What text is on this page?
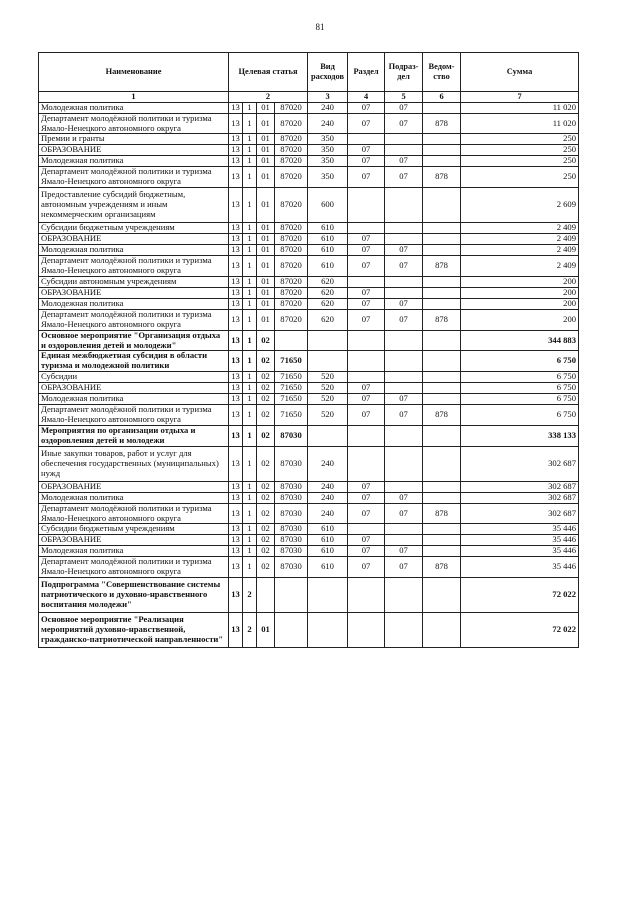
81
Наименование	Целевая статья				Вид расходов	Раздел	Подраз-дел	Ведом-ство	Сумма
1	2				3	4	5	6	7
Молодежная политика	13	1	01	87020	240	07	07		11 020
Департамент молодёжной политики и туризма Ямало-Ненецкого автономного округа	13	1	01	87020	240	07	07	878	11 020
Премии и гранты	13	1	01	87020	350				250
ОБРАЗОВАНИЕ	13	1	01	87020	350	07			250
Молодежная политика	13	1	01	87020	350	07	07		250
Департамент молодёжной политики и туризма Ямало-Ненецкого автономного округа	13	1	01	87020	350	07	07	878	250
Предоставление субсидий бюджетным, автономным учреждениям и иным некоммерческим организациям	13	1	01	87020	600				2 609
Субсидии бюджетным учреждениям	13	1	01	87020	610				2 409
ОБРАЗОВАНИЕ	13	1	01	87020	610	07			2 409
Молодежная политика	13	1	01	87020	610	07	07		2 409
Департамент молодёжной политики и туризма Ямало-Ненецкого автономного округа	13	1	01	87020	610	07	07	878	2 409
Субсидии автономным учреждениям	13	1	01	87020	620				200
ОБРАЗОВАНИЕ	13	1	01	87020	620	07			200
Молодежная политика	13	1	01	87020	620	07	07		200
Департамент молодёжной политики и туризма Ямало-Ненецкого автономного округа	13	1	01	87020	620	07	07	878	200
Основное мероприятие "Организация отдыха и оздоровления детей и молодежи"	13	1	02						344 883
Единая межбюджетная субсидия в области туризма и молодежной политики	13	1	02	71650					6 750
Субсидии	13	1	02	71650	520				6 750
ОБРАЗОВАНИЕ	13	1	02	71650	520	07			6 750
Молодежная политика	13	1	02	71650	520	07	07		6 750
Департамент молодёжной политики и туризма Ямало-Ненецкого автономного округа	13	1	02	71650	520	07	07	878	6 750
Мероприятия по организации отдыха и оздоровления детей и молодежи	13	1	02	87030					338 133
Иные закупки товаров, работ и услуг для обеспечения государственных (муниципальных) нужд	13	1	02	87030	240				302 687
ОБРАЗОВАНИЕ	13	1	02	87030	240	07			302 687
Молодежная политика	13	1	02	87030	240	07	07		302 687
Департамент молодёжной политики и туризма Ямало-Ненецкого автономного округа	13	1	02	87030	240	07	07	878	302 687
Субсидии бюджетным учреждениям	13	1	02	87030	610				35 446
ОБРАЗОВАНИЕ	13	1	02	87030	610	07			35 446
Молодежная политика	13	1	02	87030	610	07	07		35 446
Департамент молодёжной политики и туризма Ямало-Ненецкого автономного округа	13	1	02	87030	610	07	07	878	35 446
Подпрограмма "Совершенствование системы патриотического и духовно-нравственного воспитания молодежи"	13	2							72 022
Основное мероприятие "Реализация мероприятий духовно-нравственной, гражданско-патриотической направленности"	13	2	01						72 022
